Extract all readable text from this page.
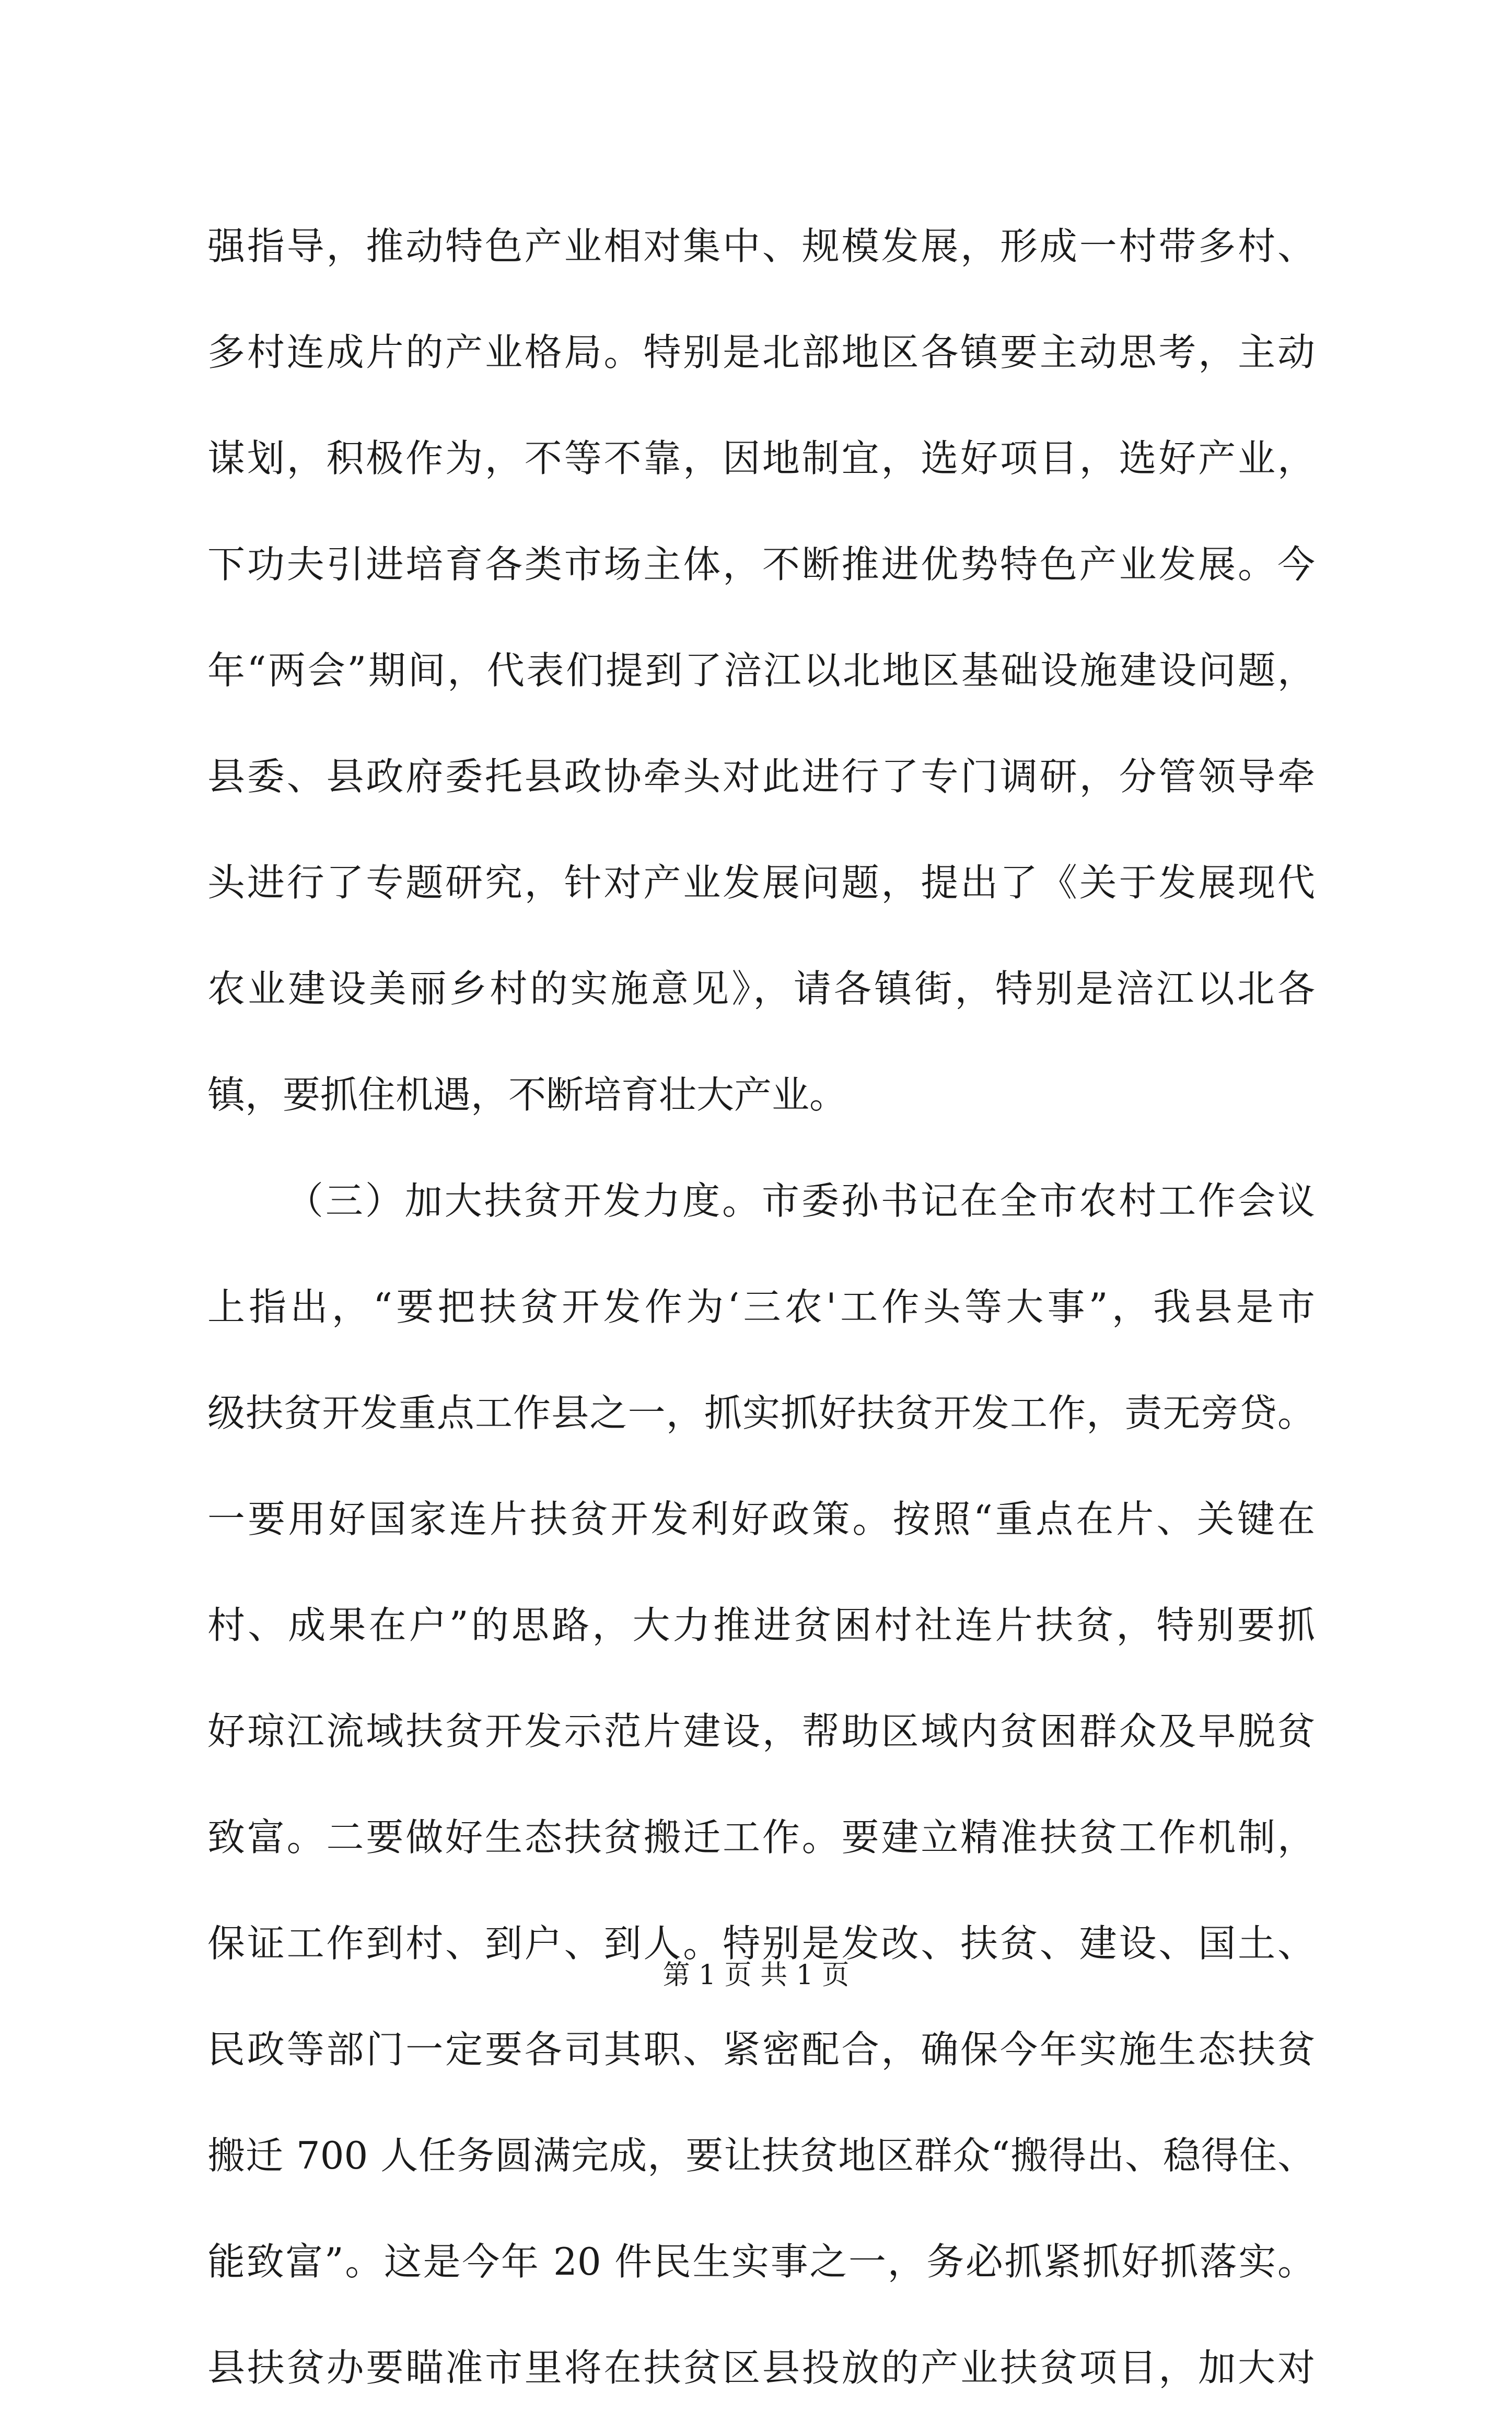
强指导，推动特色产业相对集中、规模发展，形成一村带多村、
多村连成片的产业格局。特别是北部地区各镇要主动思考，主动
谋划，积极作为，不等不靠，因地制宜，选好项目，选好产业，
下功夫引进培育各类市场主体，不断推进优势特色产业发展。今
年“两会”期间，代表们提到了涪江以北地区基础设施建设问题，
县委、县政府委托县政协牵头对此进行了专门调研，分管领导牵
头进行了专题研究，针对产业发展问题，提出了《关于发展现代
农业建设美丽乡村的实施意见》，请各镇街，特别是涪江以北各
镇，要抓住机遇，不断培育壮大产业。
（三）加大扶贫开发力度。市委孙书记在全市农村工作会议
上指出，“要把扶贫开发作为‘三农'工作头等大事”，我县是市
级扶贫开发重点工作县之一，抓实抓好扶贫开发工作，责无旁贷。
一要用好国家连片扶贫开发利好政策。按照“重点在片、关键在
村、成果在户”的思路，大力推进贫困村社连片扶贫，特别要抓
好琼江流域扶贫开发示范片建设，帮助区域内贫困群众及早脱贫
致富。二要做好生态扶贫搬迁工作。要建立精准扶贫工作机制，
保证工作到村、到户、到人。特别是发改、扶贫、建设、国土、
民政等部门一定要各司其职、紧密配合，确保今年实施生态扶贫
搬迁 700 人任务圆满完成，要让扶贫地区群众“搬得出、稳得住、
能致富”。这是今年 20 件民生实事之一，务必抓紧抓好抓落实。
县扶贫办要瞄准市里将在扶贫区县投放的产业扶贫项目，加大对
第 1 页 共 1 页
